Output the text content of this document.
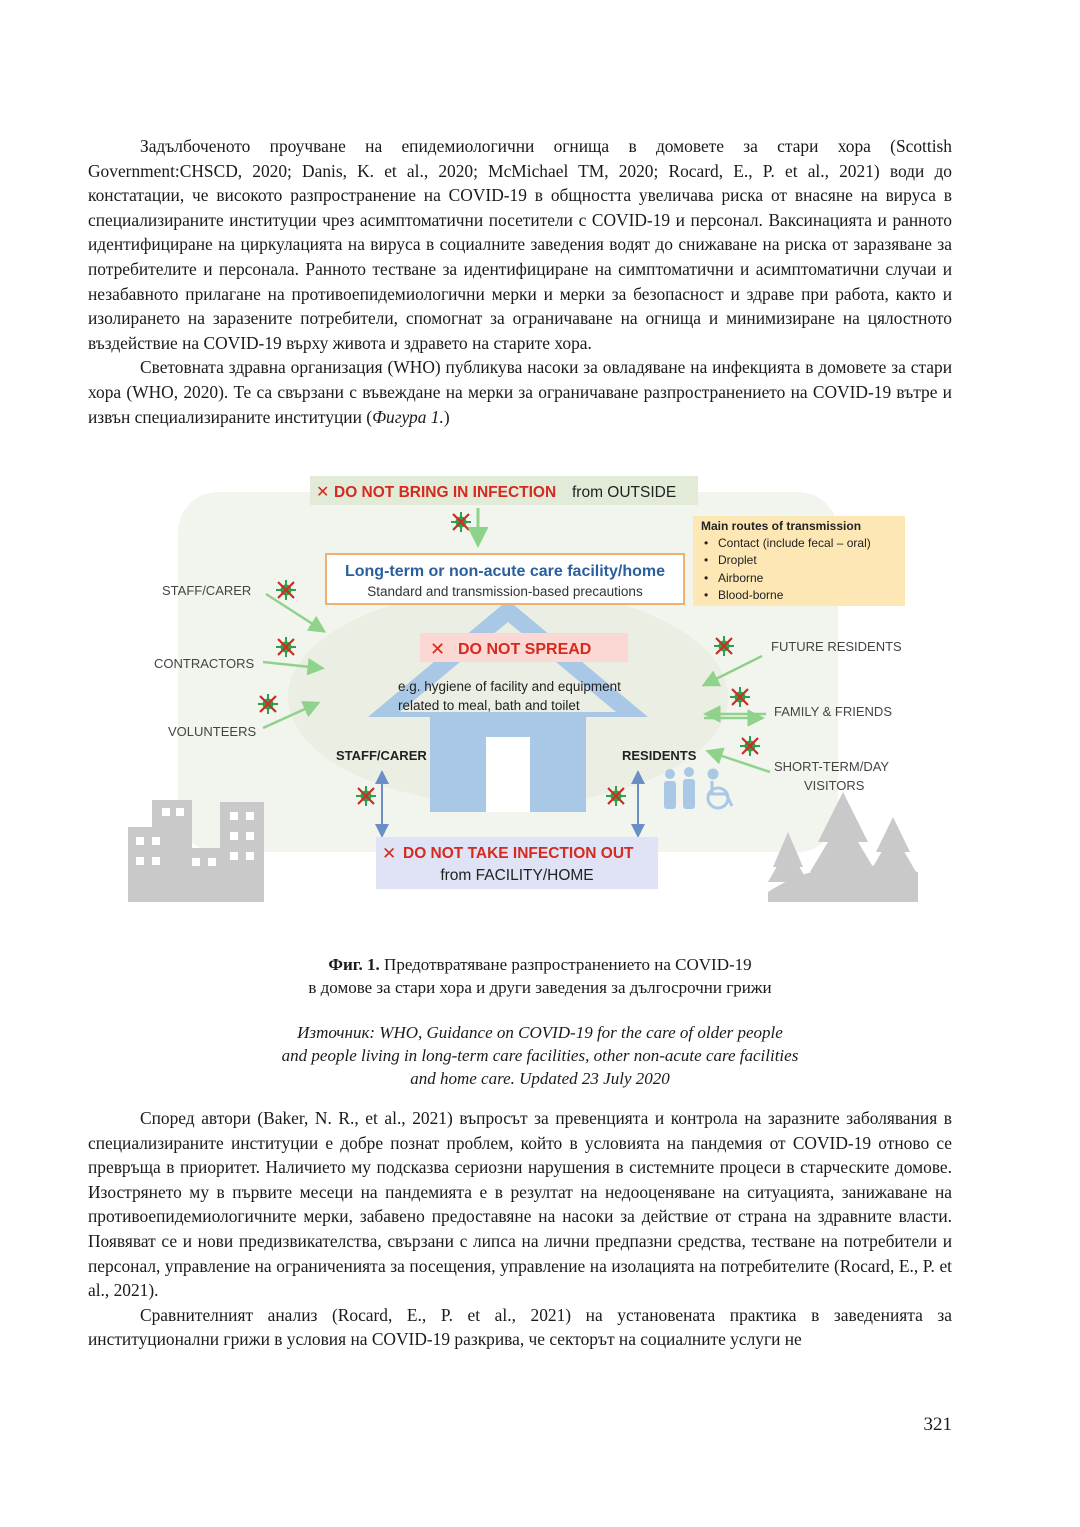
Задълбоченото проучване на епидемиологични огнища в домовете за стари хора (Scottish Government:CHSCD, 2020; Danis, K. et al., 2020; McMichael TM, 2020; Rocard, E., P. et al., 2021) води до констатации, че високото разпространение на COVID-19 в общността увеличава риска от внасяне на вируса в специализираните институции чрез асимптоматични посетители с COVID-19 и персонал. Ваксинацията и ранното идентифициране на циркулацията на вируса в социалните заведения водят до снижаване на риска от заразяване за потребителите и персонала. Ранното тестване за идентифициране на симптоматични и асимптоматични случаи и незабавното прилагане на противоепидемиологични мерки и мерки за безопасност и здраве при работа, както и изолирането на заразените потребители, спомогнат за ограничаване на огнища и минимизиране на цялостното въздействие на COVID-19 върху живота и здравето на старите хора.

Световната здравна организация (WHO) публикува насоки за овладяване на инфекцията в домовете за стари хора (WHO, 2020). Те са свързани с въвеждане на мерки за ограничаване разпространението на COVID-19 вътре и извън специализираните институции (Фигура 1.)

✕ DO NOT BRING IN INFECTION from OUTSIDE
Long-term or non-acute care facility/home
Standard and transmission-based precautions
Main routes of transmission
• Contact (include fecal – oral)
• Droplet
• Airborne
• Blood-borne
STAFF/CARER
CONTRACTORS
VOLUNTEERS
FUTURE RESIDENTS
FAMILY & FRIENDS
SHORT-TERM/DAY
VISITORS
✕ DO NOT SPREAD
e.g. hygiene of facility and equipment
related to meal, bath and toilet
STAFF/CARER	RESIDENTS
✕ DO NOT TAKE INFECTION OUT
from FACILITY/HOME
Фиг. 1. Предотвратяване разпространението на COVID-19
в домове за стари хора и други заведения за дългосрочни грижи
Източник: WHO, Guidance on COVID-19 for the care of older people
and people living in long-term care facilities, other non-acute care facilities
and home care. Updated 23 July 2020

Според автори (Baker, N. R., et al., 2021) въпросът за превенцията и контрола на заразните заболявания в специализираните институции е добре познат проблем, който в условията на пандемия от COVID-19 отново се превръща в приоритет. Наличието му подсказва сериозни нарушения в системните процеси в старческите домове. Изострянето му в първите месеци на пандемията е в резултат на недооценяване на ситуацията, занижаване на противоепидемиологичните мерки, забавено предоставяне на насоки за действие от страна на здравните власти. Появяват се и нови предизвикателства, свързани с липса на лични предпазни средства, тестване на потребители и персонал, управление на ограниченията за посещения, управление на изолацията на потребителите (Rocard, E., P. et al., 2021).

Сравнителният анализ (Rocard, E., P. et al., 2021) на установената практика в заведенията за институционални грижи в условия на COVID-19 разкрива, че секторът на социалните услуги не

321
